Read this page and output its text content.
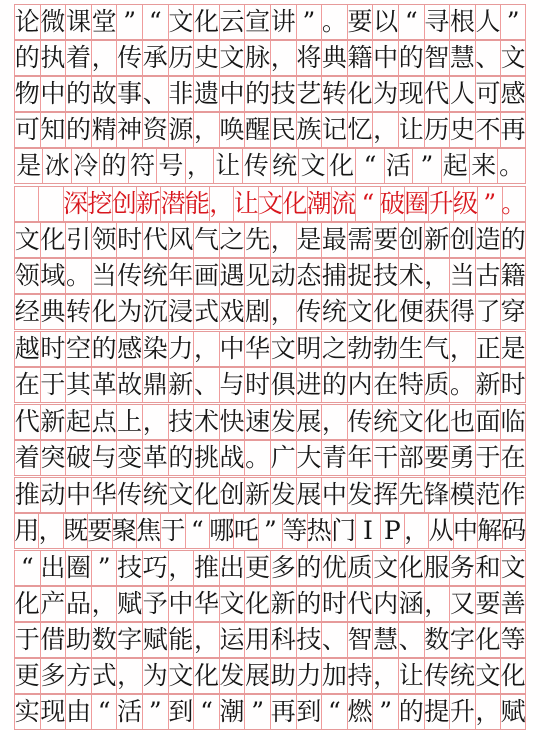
论 微 课 堂 ” “ 文 化 云 宣 讲 ” 。 要 以 “ 寻 根 人 ”
的 执 着 ， 传 承 历 史 文 脉 ， 将 典 籍 中 的 智 慧 、 文
物 中 的 故 事 、 非 遗 中 的 技 艺 转 化 为 现 代 人 可 感
可 知 的 精 神 资 源 ， 唤 醒 民 族 记 忆 ， 让 历 史 不 再
是 冰 冷 的 符 号 ， 让 传 统 文 化 “ 活 ” 起 来 。

深 挖 创 新 潜 能 ， 让 文 化 潮 流 “ 破 圈 升 级 ” 。
文 化 引 领 时 代 风 气 之 先 ， 是 最 需 要 创 新 创 造 的
领 域 。 当 传 统 年 画 遇 见 动 态 捕 捉 技 术 ， 当 古 籍
经 典 转 化 为 沉 浸 式 戏 剧 ， 传 统 文 化 便 获 得 了 穿
越 时 空 的 感 染 力 ， 中 华 文 明 之 勃 勃 生 气 ， 正 是
在 于 其 革 故 鼎 新 、 与 时 俱 进 的 内 在 特 质 。 新 时
代 新 起 点 上 ， 技 术 快 速 发 展 ， 传 统 文 化 也 面 临
着 突 破 与 变 革 的 挑 战 。 广 大 青 年 干 部 要 勇 于 在
推 动 中 华 传 统 文 化 创 新 发 展 中 发 挥 先 锋 模 范 作
用 ， 既 要 聚 焦 于 “ 哪 吒 ” 等 热 门 I P ， 从 中 解
码
“ 出 圈 ” 技 巧 ， 推 出 更 多 的 优 质 文 化 服 务 和 文
化 产 品 ， 赋 予 中 华 文 化 新 的 时 代 内 涵 ， 又 要 善
于 借 助 数 字 赋 能 ， 运 用 科 技 、 智 慧 、 数 字 化 等
更 多 方 式 ， 为 文 化 发 展 助 力 加 持 ， 让 传 统 文 化
实 现 由 “ 活 ” 到 “ 潮 ” 再 到 “ 燃 ” 的 提 升 ， 赋
